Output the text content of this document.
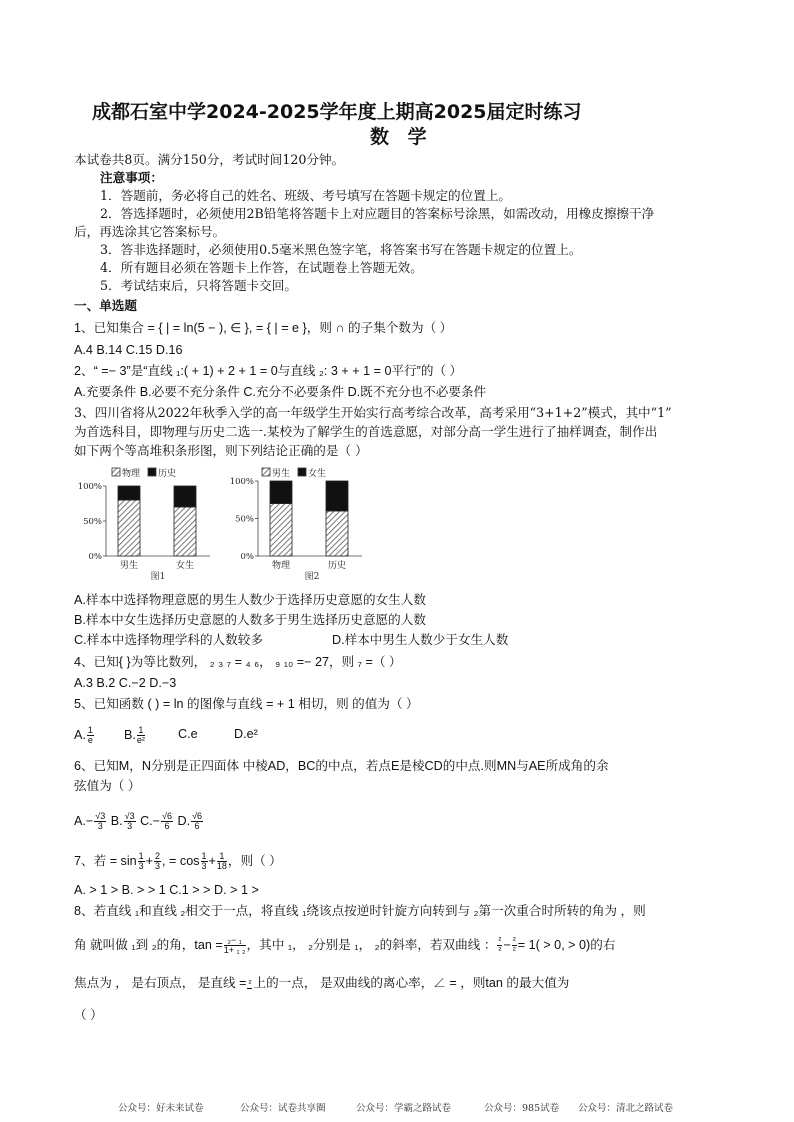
成都石室中学2024-2025学年度上期高2025届定时练习
数 学
本试卷共8页。满分150分，考试时间120分钟。
注意事项：
1．答题前，务必将自己的姓名、班级、考号填写在答题卡规定的位置上。
2．答选择题时，必须使用2B铅笔将答题卡上对应题目的答案标号涂黑，如需改动，用橡皮擦擦干净
后，再选涂其它答案标号。
3．答非选择题时，必须使用0.5毫米黑色签字笔，将答案书写在答题卡规定的位置上。
4．所有题目必须在答题卡上作答，在试题卷上答题无效。
5．考试结束后，只将答题卡交回。
一、单选题
1、已知集合 = { | = ln(5 − ), ∈ }, = { | = e }，则 ∩ 的子集个数为（ ）
A.4 B.14 C.15 D.16
2、“ =− 3”是“直线 ₁:( + 1) + 2 + 1 = 0与直线 ₂: 3 + + 1 = 0平行”的（ ）
A.充要条件 B.必要不充分条件 C.充分不必要条件 D.既不充分也不必要条件
3、四川省将从2022年秋季入学的高一年级学生开始实行高考综合改革，高考采用“3+1+2”模式，其中“1”
为首选科目，即物理与历史二选一.某校为了解学生的首选意愿，对部分高一学生进行了抽样调查，制作出
如下两个等高堆积条形图，则下列结论正确的是（ ）
物理 历史
0%
50%
100%
男生	女生
图1
男生 女生
0%
50%
100%
物理	历史
图2
A.样本中选择物理意愿的男生人数少于选择历史意愿的女生人数
B.样本中女生选择历史意愿的人数多于男生选择历史意愿的人数
C.样本中选择物理学科的人数较多	D.样本中男生人数少于女生人数
4、已知{ }为等比数列， ₂ ₃ ₇ = ₄ ₆， ₉ ₁₀ =− 27，则 ₇ =（ ）
A.3 B.2 C.−2 D.−3
5、已知函数 ( ) = ln 的图像与直线 = + 1 相切，则 的值为（ ）
A. $\frac{1}{e} B$. $\frac{1}{\text{e²}}$	C.e	D.e²
6、已知M，N分别是正四面体 中棱AD，BC的中点，若点E是棱CD的中点.则MN与AE所成角的余
弦值为（ ）
$A.- \frac{√3}{3} B$. $\frac{√3}{3} C.- \frac{√6}{6} D$. $\frac{√6}{6}$
7、若 = $\sin \frac{1}{3} + \frac{2}{3}$ , = $\cos \frac{1}{3} + \frac{1}{18}$ ，则（ ）
A. > 1 > B. > > 1 C.1 > > D. > 1 >
8、若直线 ₁和直线 ₂相交于一点，将直线 ₁绕该点按逆时针旋方向转到与 ₂第一次重合时所转的角为 ，则
角 就叫做 ₁到 ₂的角，$\tan = \frac{\text{₂− ₁}}{\text{1+ ₁ ₂}}$ ，其中 ₁， ₂分别是 ₁， ₂的斜率，若双曲线 ： $\frac{\text{²}}{\text{²}} - \frac{\text{²}}{\text{²}} = 1( > 0$, > 0)的右
焦点为 ， 是右顶点， 是直线 = ² 上的一点， 是双曲线的离心率，∠ = ，则tan 的最大值为
（ ）
公众号：好未来试卷	公众号：试卷共享圈	公众号：学霸之路试卷	公众号：985试卷 公众号：清北之路试卷
